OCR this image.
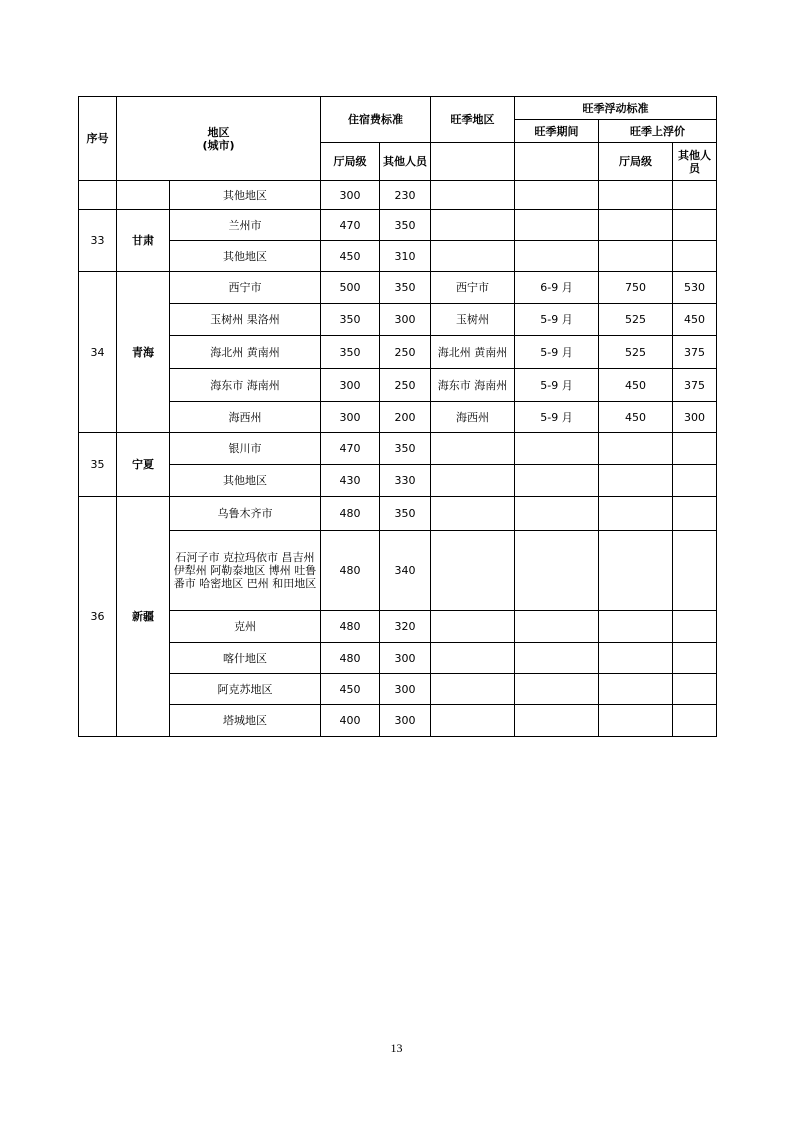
序号	地区
(城市)		住宿费标准		旺季地区	旺季浮动标准		
						旺季期间	旺季上浮价	
			厅局级	其他人员			厅局级	其他人员
		其他地区	300	230				
33	甘肃	兰州市	470	350				
		其他地区	450	310				
34	青海	西宁市	500	350	西宁市	6-9 月	750	530
		玉树州 果洛州	350	300	玉树州	5-9 月	525	450
		海北州 黄南州	350	250	海北州 黄南州	5-9 月	525	375
		海东市 海南州	300	250	海东市 海南州	5-9 月	450	375
		海西州	300	200	海西州	5-9 月	450	300
35	宁夏	银川市	470	350				
		其他地区	430	330				
36	新疆	乌鲁木齐市	480	350				
		石河子市 克拉玛依市 昌吉州 伊犁州 阿勒泰地区 博州 吐鲁番市 哈密地区 巴州 和田地区	480	340				
		克州	480	320				
		喀什地区	480	300				
		阿克苏地区	450	300				
		塔城地区	400	300				
13
